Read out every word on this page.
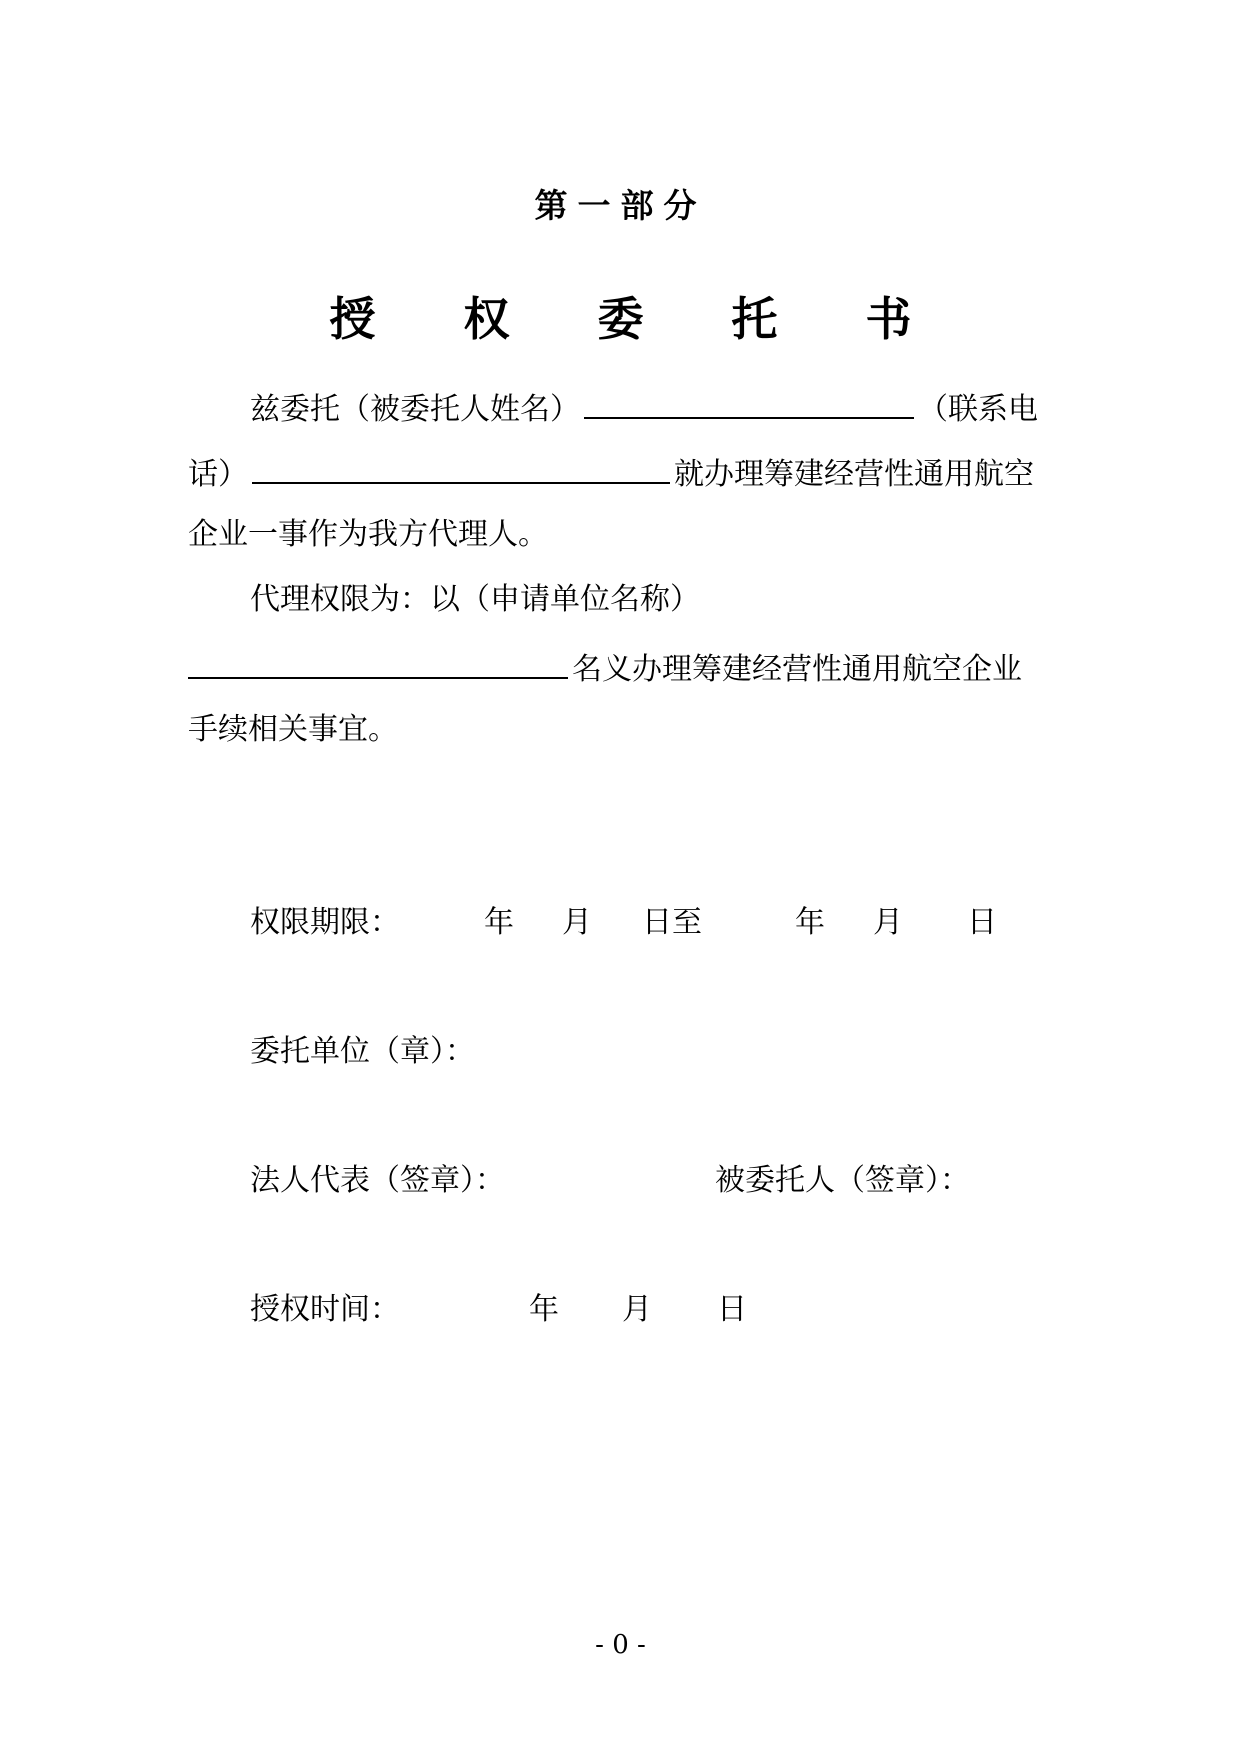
第一部分
授 权 委 托 书
兹委托（被委托人姓名）	（联系电
话）	就办理筹建经营性通用航空
企业一事作为我方代理人。
代理权限为：以（申请单位名称）
名义办理筹建经营性通用航空企业
手续相关事宜。
权限期限：	年 月 日至	年 月 日
委托单位（章）：
法人代表（签章）：	被委托人（签章）：
授权时间：	年 月 日
- 0 -
